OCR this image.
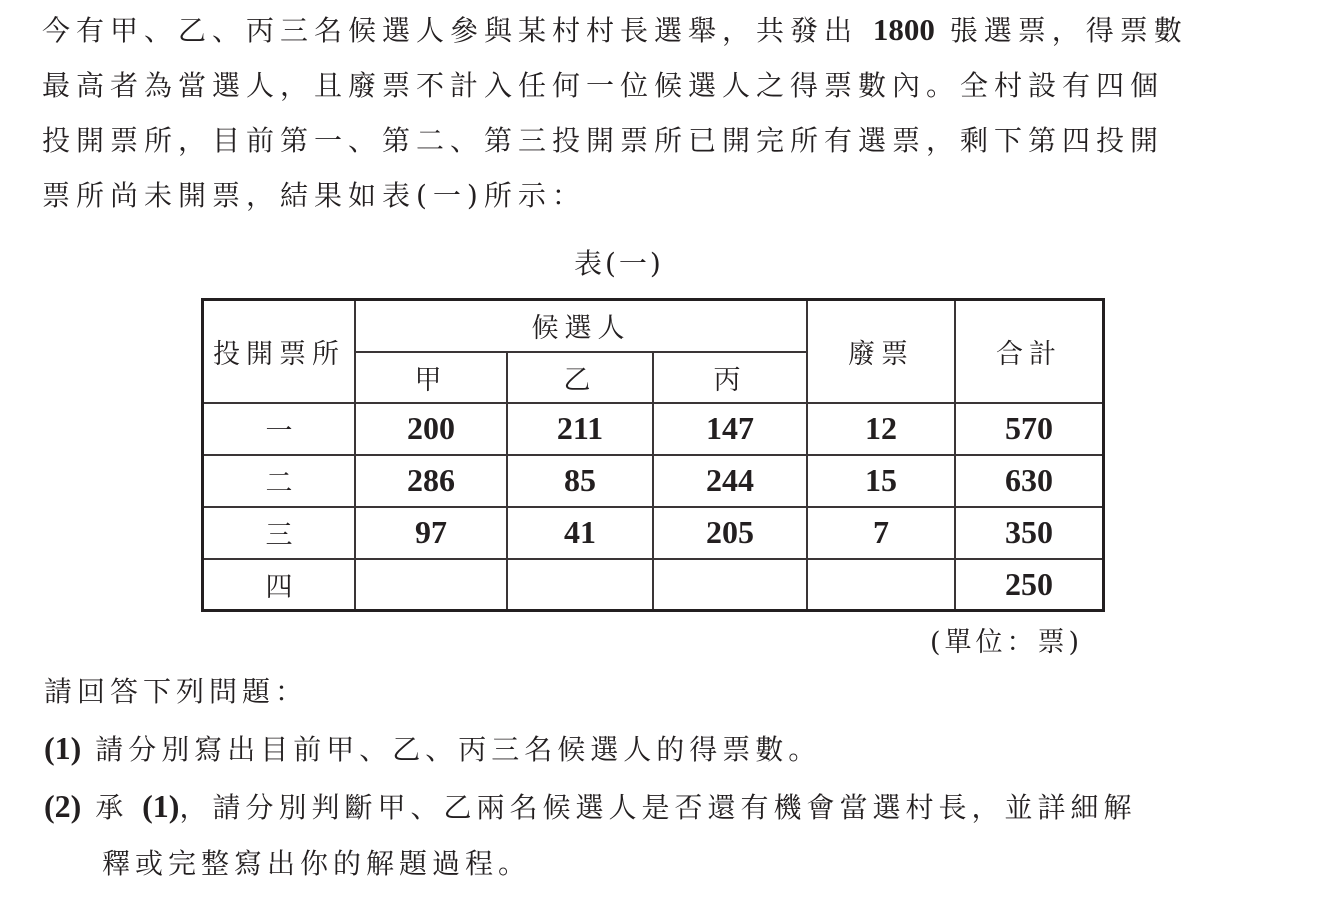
今有甲、乙、丙三名候選人參與某村村長選舉，共發出 1800 張選票，得票數
最高者為當選人，且廢票不計入任何一位候選人之得票數內。全村設有四個
投開票所，目前第一、第二、第三投開票所已開完所有選票，剩下第四投開
票所尚未開票，結果如表(一)所示：
表(一)
投開票所	候選人			廢票	合計
	甲	乙	丙		
一	200	211	147	12	570
二	286	85	244	15	630
三	97	41	205	7	350
四					250
(單位：票)
請回答下列問題：
(1) 請分別寫出目前甲、乙、丙三名候選人的得票數。
(2) 承 (1)，請分別判斷甲、乙兩名候選人是否還有機會當選村長，並詳細解
釋或完整寫出你的解題過程。
